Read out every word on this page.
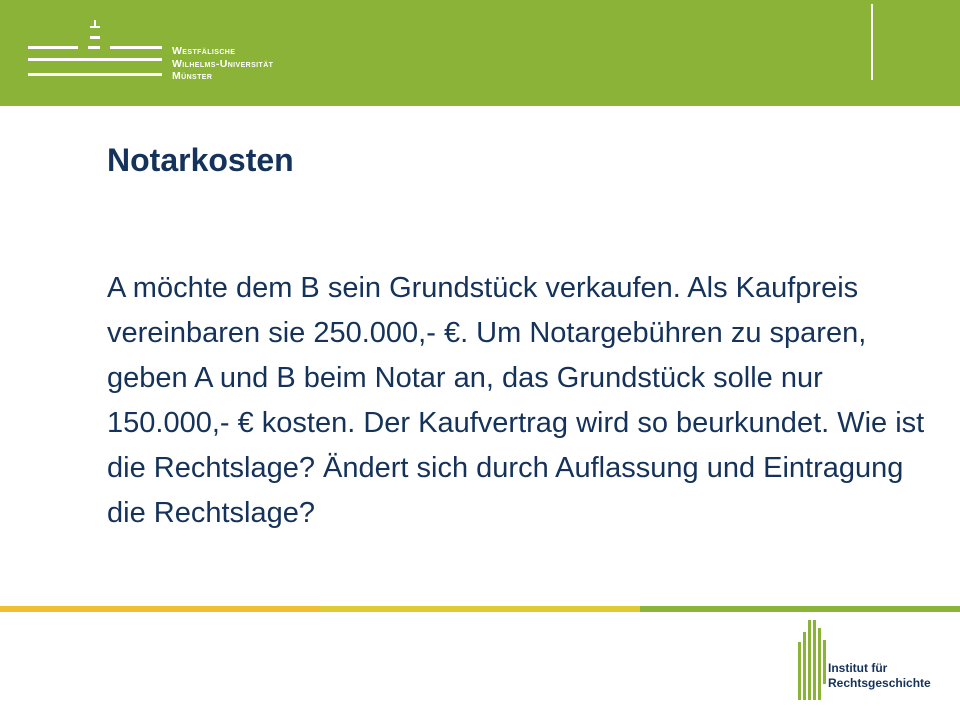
Westfälische
Wilhelms-Universität
Münster
Notarkosten

A möchte dem B sein Grundstück verkaufen. Als Kaufpreis vereinbaren sie 250.000,- €. Um Notargebühren zu sparen, geben A und B beim Notar an, das Grundstück solle nur 150.000,- € kosten. Der Kaufvertrag wird so beurkundet. Wie ist die Rechtslage? Ändert sich durch Auflassung und Eintragung die Rechtslage?

Institut für
Rechtsgeschichte
